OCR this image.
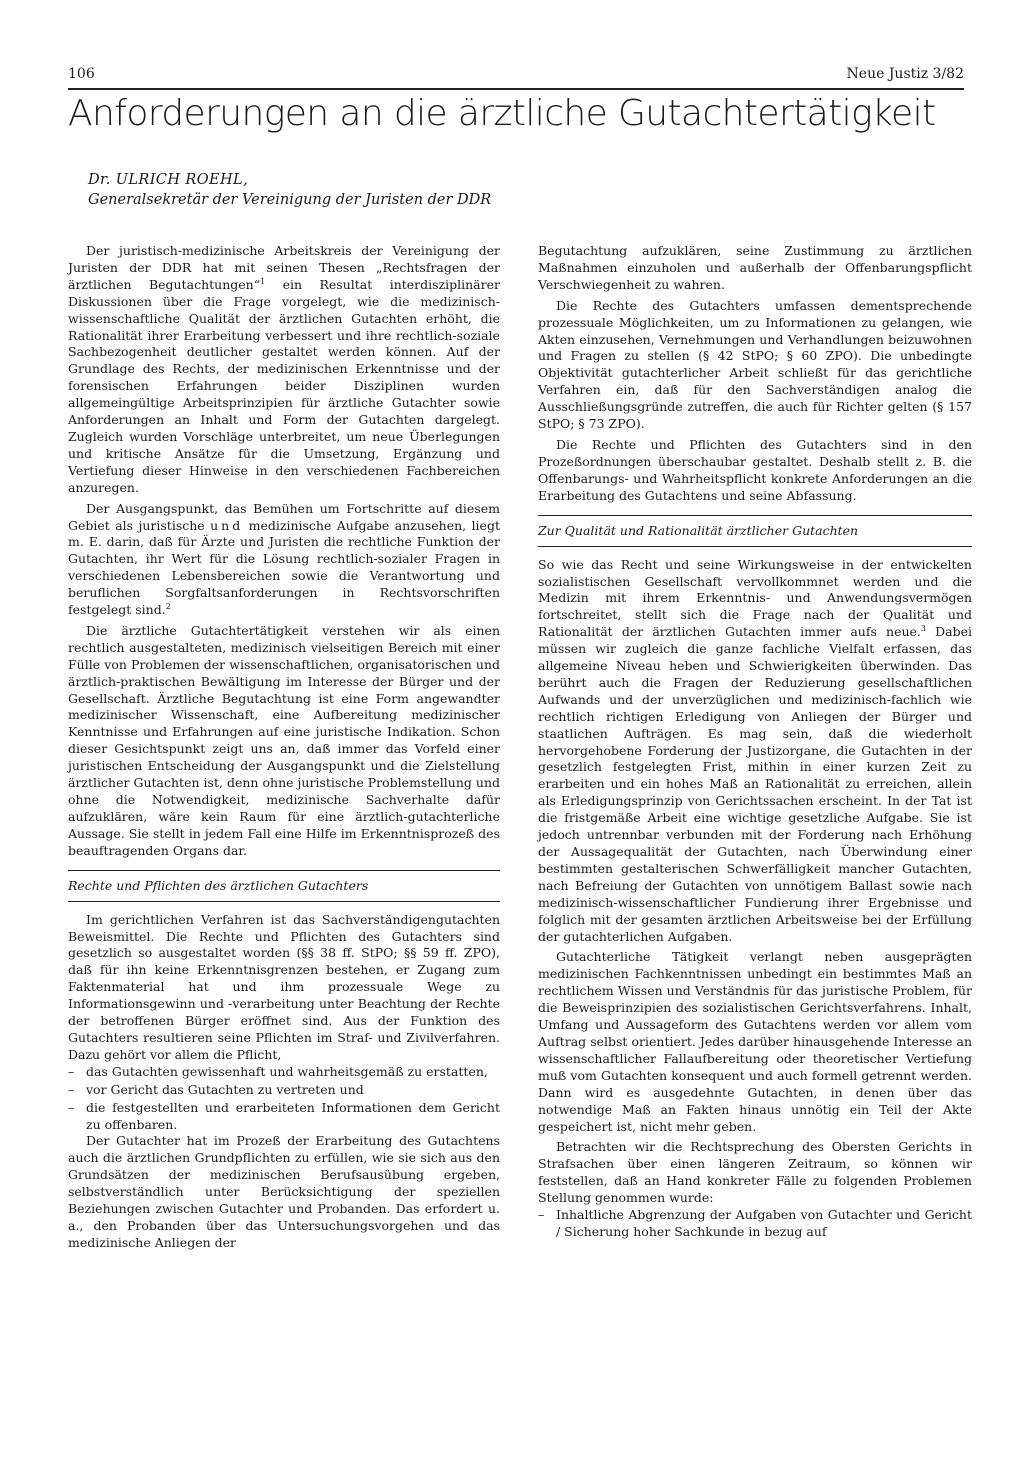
106	Neue Justiz 3/82
Anforderungen an die ärztliche Gutachtertätigkeit
Dr. ULRICH ROEHL,
Generalsekretär der Vereinigung der Juristen der DDR

Der juristisch-medizinische Arbeitskreis der Vereinigung der Juristen der DDR hat mit seinen Thesen „Rechtsfragen der ärztlichen Begutachtungen“$^1$ ein Resultat interdisziplinärer Diskussionen über die Frage vorgelegt, wie die medizinisch-wissenschaftliche Qualität der ärztlichen Gutachten erhöht, die Rationalität ihrer Erarbeitung verbessert und ihre rechtlich-soziale Sachbezogenheit deutlicher gestaltet werden können. Auf der Grundlage des Rechts, der medizinischen Erkenntnisse und der forensischen Erfahrungen beider Disziplinen wurden allgemeingültige Arbeitsprinzipien für ärztliche Gutachter sowie Anforderungen an Inhalt und Form der Gutachten dargelegt. Zugleich wurden Vorschläge unterbreitet, um neue Überlegungen und kritische Ansätze für die Umsetzung, Ergänzung und Vertiefung dieser Hinweise in den verschiedenen Fachbereichen anzuregen.

Der Ausgangspunkt, das Bemühen um Fortschritte auf diesem Gebiet als juristische und medizinische Aufgabe anzusehen, liegt m. E. darin, daß für Ärzte und Juristen die rechtliche Funktion der Gutachten, ihr Wert für die Lösung rechtlich-sozialer Fragen in verschiedenen Lebensbereichen sowie die Verantwortung und beruflichen Sorgfaltsanforderungen in Rechtsvorschriften festgelegt sind.$^2$

Die ärztliche Gutachtertätigkeit verstehen wir als einen rechtlich ausgestalteten, medizinisch vielseitigen Bereich mit einer Fülle von Problemen der wissenschaftlichen, organisatorischen und ärztlich-praktischen Bewältigung im Interesse der Bürger und der Gesellschaft. Ärztliche Begutachtung ist eine Form angewandter medizinischer Wissenschaft, eine Aufbereitung medizinischer Kenntnisse und Erfahrungen auf eine juristische Indikation. Schon dieser Gesichtspunkt zeigt uns an, daß immer das Vorfeld einer juristischen Entscheidung der Ausgangspunkt und die Zielstellung ärztlicher Gutachten ist, denn ohne juristische Problemstellung und ohne die Notwendigkeit, medizinische Sachverhalte dafür aufzuklären, wäre kein Raum für eine ärztlich-gutachterliche Aussage. Sie stellt in jedem Fall eine Hilfe im Erkenntnisprozeß des beauftragenden Organs dar.

Rechte und Pflichten des ärztlichen Gutachters

Im gerichtlichen Verfahren ist das Sachverständigengutachten Beweismittel. Die Rechte und Pflichten des Gutachters sind gesetzlich so ausgestaltet worden (§§ 38 ff. StPO; §§ 59 ff. ZPO), daß für ihn keine Erkenntnisgrenzen bestehen, er Zugang zum Faktenmaterial hat und ihm prozessuale Wege zu Informationsgewinn und -verarbeitung unter Beachtung der Rechte der betroffenen Bürger eröffnet sind. Aus der Funktion des Gutachters resultieren seine Pflichten im Straf- und Zivilverfahren. Dazu gehört vor allem die Pflicht,

– das Gutachten gewissenhaft und wahrheitsgemäß zu erstatten,
– vor Gericht das Gutachten zu vertreten und
– die festgestellten und erarbeiteten Informationen dem Gericht zu offenbaren.

Der Gutachter hat im Prozeß der Erarbeitung des Gutachtens auch die ärztlichen Grundpflichten zu erfüllen, wie sie sich aus den Grundsätzen der medizinischen Berufsausübung ergeben, selbstverständlich unter Berücksichtigung der speziellen Beziehungen zwischen Gutachter und Probanden. Das erfordert u. a., den Probanden über das Untersuchungsvorgehen und das medizinische Anliegen der

Begutachtung aufzuklären, seine Zustimmung zu ärztlichen Maßnahmen einzuholen und außerhalb der Offenbarungspflicht Verschwiegenheit zu wahren.

Die Rechte des Gutachters umfassen dementsprechende prozessuale Möglichkeiten, um zu Informationen zu gelangen, wie Akten einzusehen, Vernehmungen und Verhandlungen beizuwohnen und Fragen zu stellen (§ 42 StPO; § 60 ZPO). Die unbedingte Objektivität gutachterlicher Arbeit schließt für das gerichtliche Verfahren ein, daß für den Sachverständigen analog die Ausschließungsgründe zutreffen, die auch für Richter gelten (§ 157 StPO; § 73 ZPO).

Die Rechte und Pflichten des Gutachters sind in den Prozeßordnungen überschaubar gestaltet. Deshalb stellt z. B. die Offenbarungs- und Wahrheitspflicht konkrete Anforderungen an die Erarbeitung des Gutachtens und seine Abfassung.

Zur Qualität und Rationalität ärztlicher Gutachten

So wie das Recht und seine Wirkungsweise in der entwickelten sozialistischen Gesellschaft vervollkommnet werden und die Medizin mit ihrem Erkenntnis- und Anwendungsvermögen fortschreitet, stellt sich die Frage nach der Qualität und Rationalität der ärztlichen Gutachten immer aufs neue.$^3$ Dabei müssen wir zugleich die ganze fachliche Vielfalt erfassen, das allgemeine Niveau heben und Schwierigkeiten überwinden. Das berührt auch die Fragen der Reduzierung gesellschaftlichen Aufwands und der unverzüglichen und medizinisch-fachlich wie rechtlich richtigen Erledigung von Anliegen der Bürger und staatlichen Aufträgen. Es mag sein, daß die wiederholt hervorgehobene Forderung der Justizorgane, die Gutachten in der gesetzlich festgelegten Frist, mithin in einer kurzen Zeit zu erarbeiten und ein hohes Maß an Rationalität zu erreichen, allein als Erledigungsprinzip von Gerichtssachen erscheint. In der Tat ist die fristgemäße Arbeit eine wichtige gesetzliche Aufgabe. Sie ist jedoch untrennbar verbunden mit der Forderung nach Erhöhung der Aussagequalität der Gutachten, nach Überwindung einer bestimmten gestalterischen Schwerfälligkeit mancher Gutachten, nach Befreiung der Gutachten von unnötigem Ballast sowie nach medizinisch-wissenschaftlicher Fundierung ihrer Ergebnisse und folglich mit der gesamten ärztlichen Arbeitsweise bei der Erfüllung der gutachterlichen Aufgaben.

Gutachterliche Tätigkeit verlangt neben ausgeprägten medizinischen Fachkenntnissen unbedingt ein bestimmtes Maß an rechtlichem Wissen und Verständnis für das juristische Problem, für die Beweisprinzipien des sozialistischen Gerichtsverfahrens. Inhalt, Umfang und Aussageform des Gutachtens werden vor allem vom Auftrag selbst orientiert. Jedes darüber hinausgehende Interesse an wissenschaftlicher Fallaufbereitung oder theoretischer Vertiefung muß vom Gutachten konsequent und auch formell getrennt werden. Dann wird es ausgedehnte Gutachten, in denen über das notwendige Maß an Fakten hinaus unnötig ein Teil der Akte gespeichert ist, nicht mehr geben.

Betrachten wir die Rechtsprechung des Obersten Gerichts in Strafsachen über einen längeren Zeitraum, so können wir feststellen, daß an Hand konkreter Fälle zu folgenden Problemen Stellung genommen wurde:

– Inhaltliche Abgrenzung der Aufgaben von Gutachter und Gericht / Sicherung hoher Sachkunde in bezug auf
